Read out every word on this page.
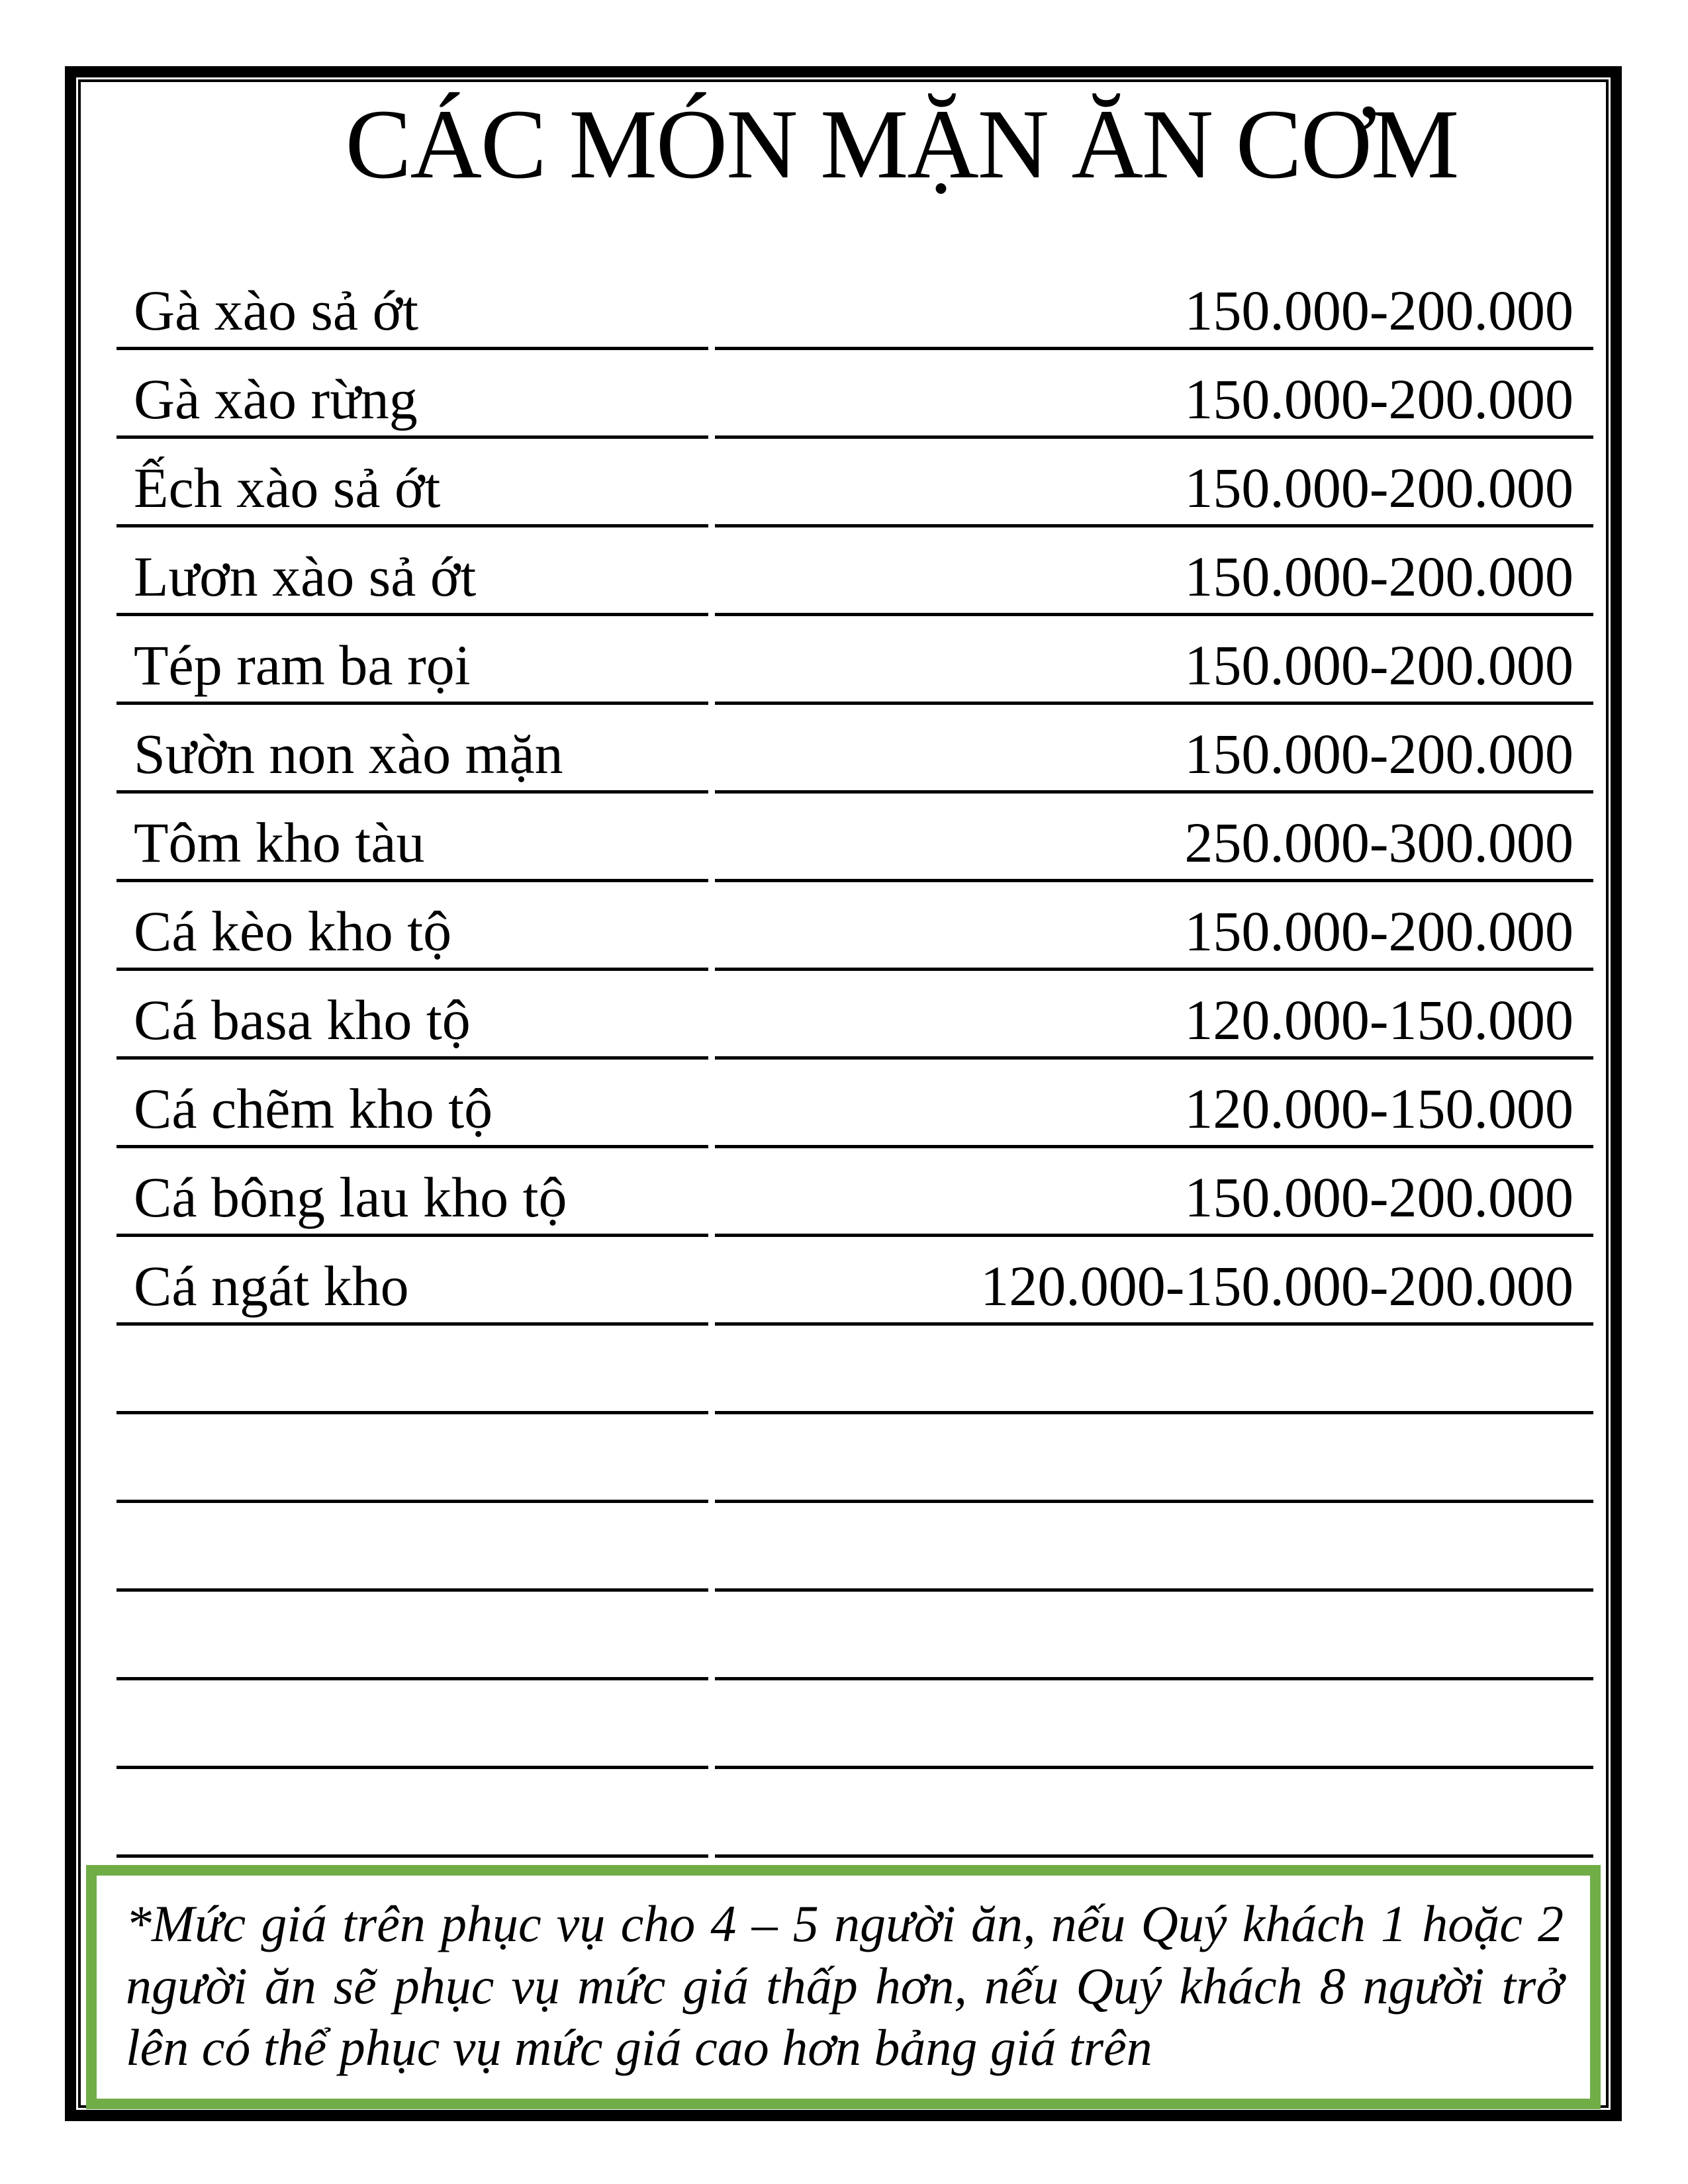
CÁC MÓN MẶN ĂN CƠM
Gà xào sả ớt	150.000-200.000
Gà xào rừng	150.000-200.000
Ếch xào sả ớt	150.000-200.000
Lươn xào sả ớt	150.000-200.000
Tép ram ba rọi	150.000-200.000
Sườn non xào mặn	150.000-200.000
Tôm kho tàu	250.000-300.000
Cá kèo kho tộ	150.000-200.000
Cá basa kho tộ	120.000-150.000
Cá chẽm kho tộ	120.000-150.000
Cá bông lau kho tộ	150.000-200.000
Cá ngát kho	120.000-150.000-200.000

*Mức giá trên phục vụ cho 4 – 5 người ăn, nếu Quý khách 1 hoặc 2 người ăn sẽ phục vụ mức giá thấp hơn, nếu Quý khách 8 người trở lên có thể phục vụ mức giá cao hơn bảng giá trên
